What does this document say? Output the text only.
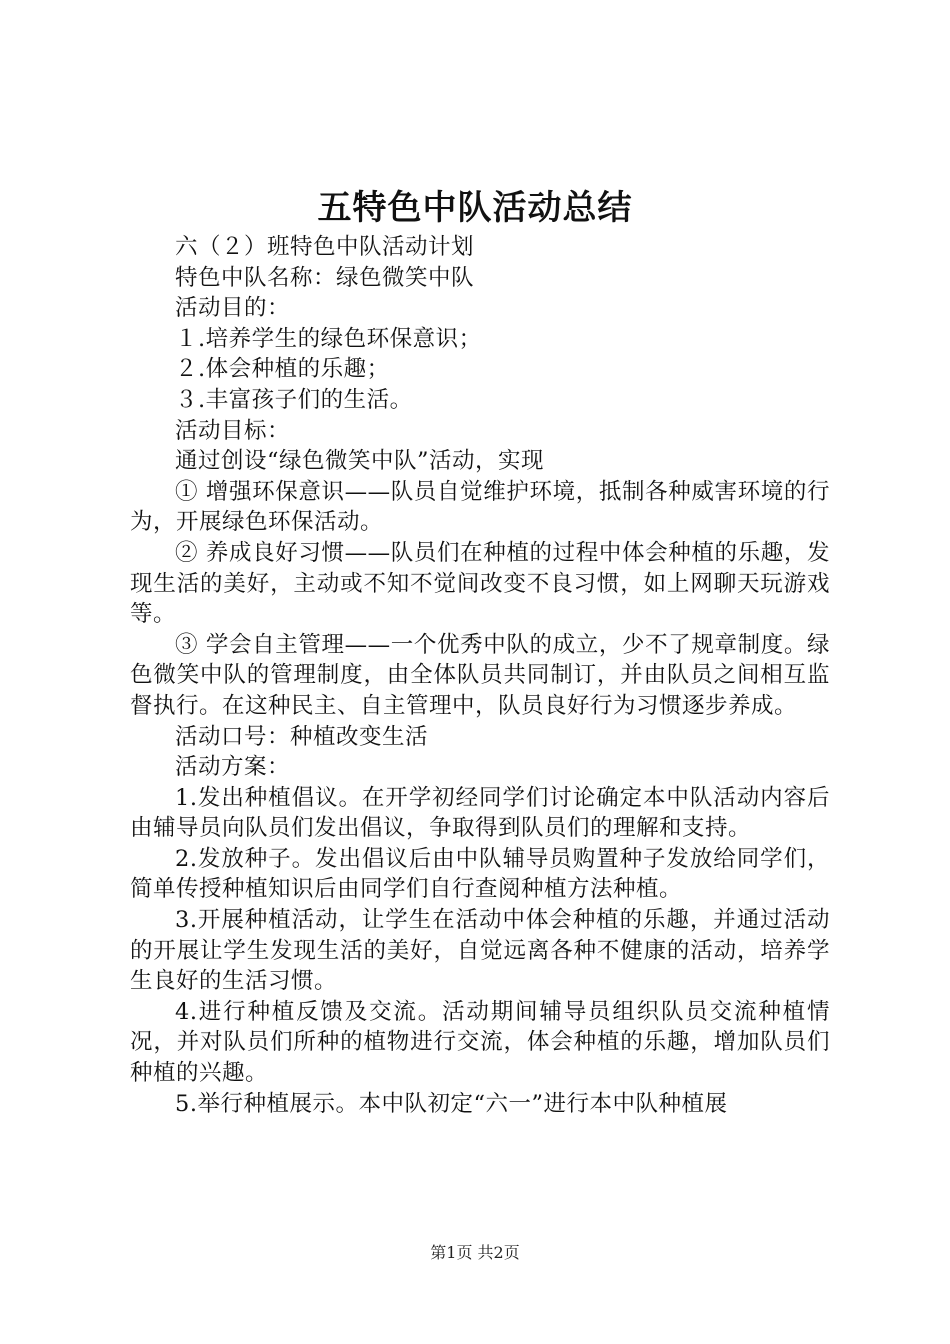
五特色中队活动总结

六（２）班特色中队活动计划

特色中队名称：绿色微笑中队

活动目的：

１.培养学生的绿色环保意识；

２.体会种植的乐趣；

３.丰富孩子们的生活。

活动目标：

通过创设“绿色微笑中队”活动，实现

① 增强环保意识——队员自觉维护环境，抵制各种威害环境的行为，开展绿色环保活动。

② 养成良好习惯——队员们在种植的过程中体会种植的乐趣，发现生活的美好，主动或不知不觉间改变不良习惯，如上网聊天玩游戏等。

③ 学会自主管理——一个优秀中队的成立，少不了规章制度。绿色微笑中队的管理制度，由全体队员共同制订，并由队员之间相互监督执行。在这种民主、自主管理中，队员良好行为习惯逐步养成。

活动口号：种植改变生活

活动方案：

1.发出种植倡议。在开学初经同学们讨论确定本中队活动内容后由辅导员向队员们发出倡议，争取得到队员们的理解和支持。

2.发放种子。发出倡议后由中队辅导员购置种子发放给同学们，简单传授种植知识后由同学们自行查阅种植方法种植。

3.开展种植活动，让学生在活动中体会种植的乐趣，并通过活动的开展让学生发现生活的美好，自觉远离各种不健康的活动，培养学生良好的生活习惯。

4.进行种植反馈及交流。活动期间辅导员组织队员交流种植情况，并对队员们所种的植物进行交流，体会种植的乐趣，增加队员们种植的兴趣。

5.举行种植展示。本中队初定“六一”进行本中队种植展

第1页 共2页
